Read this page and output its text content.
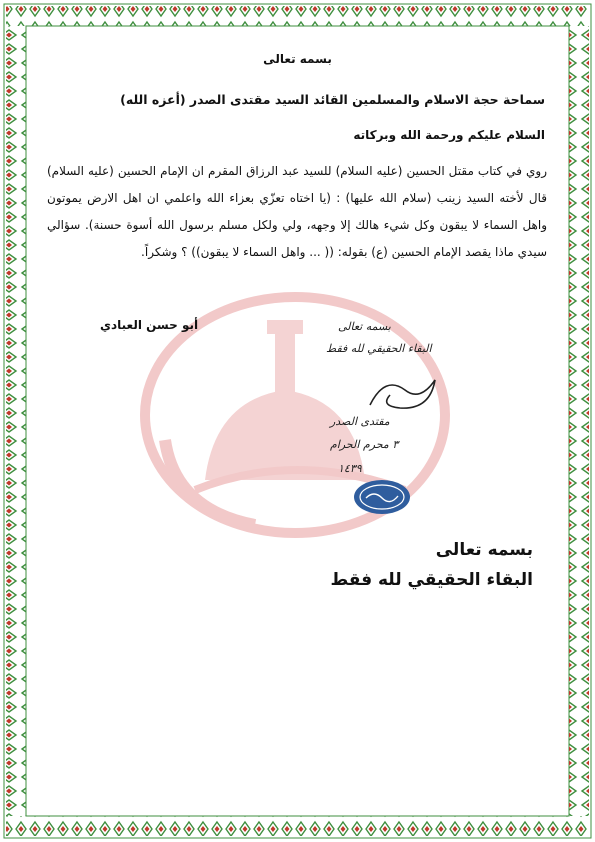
بسمه تعالى
سماحة حجة الاسلام والمسلمين القائد السيد مقتدى الصدر (أعزه الله)
السلام عليكم ورحمة الله وبركاته
روي في كتاب مقتل الحسين (عليه السلام) للسيد عبد الرزاق المقرم ان الإمام الحسين (عليه السلام) قال لأخته السيد زينب (سلام الله عليها) : (يا اختاه تعزّي بعزاء الله واعلمي ان اهل الارض يموتون واهل السماء لا يبقون وكل شيء هالك إلا وجهه، ولي ولكل مسلم برسول الله أسوة حسنة). سؤالي سيدي ماذا يقصد الإمام الحسين (ع) بقوله: (( ... واهل السماء لا يبقون)) ؟ وشكراً.
أبو حسن العبادي	بسمه تعالى
البقاء الحقيقي لله فقط
مقتدى الصدر
٣ محرم الحرام
١٤٣٩
بسمه تعالى
البقاء الحقيقي لله فقط
